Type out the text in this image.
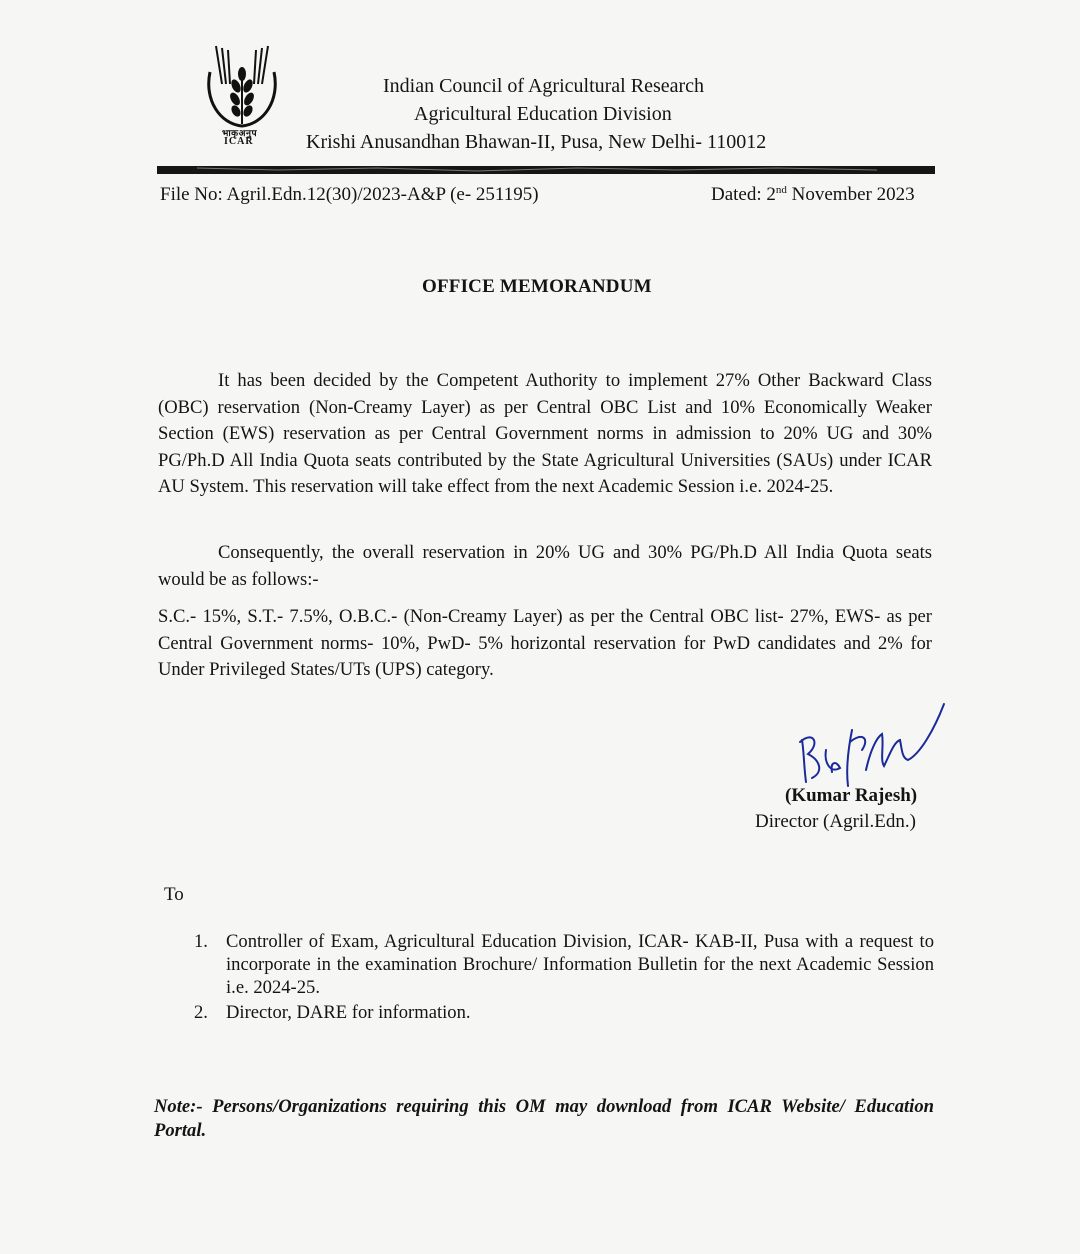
भाकृअनुप
ICAR
Indian Council of Agricultural Research
Agricultural Education Division
Krishi Anusandhan Bhawan-II, Pusa, New Delhi- 110012
File No: Agril.Edn.12(30)/2023-A&P (e- 251195)	Dated: 2nd November 2023
OFFICE MEMORANDUM

It has been decided by the Competent Authority to implement 27% Other Backward Class (OBC) reservation (Non-Creamy Layer) as per Central OBC List and 10% Economically Weaker Section (EWS) reservation as per Central Government norms in admission to 20% UG and 30% PG/Ph.D All India Quota seats contributed by the State Agricultural Universities (SAUs) under ICAR AU System. This reservation will take effect from the next Academic Session i.e. 2024-25.

Consequently, the overall reservation in 20% UG and 30% PG/Ph.D All India Quota seats would be as follows:-

S.C.- 15%, S.T.- 7.5%, O.B.C.- (Non-Creamy Layer) as per the Central OBC list- 27%, EWS- as per Central Government norms- 10%, PwD- 5% horizontal reservation for PwD candidates and 2% for Under Privileged States/UTs (UPS) category.

(Kumar Rajesh)
Director (Agril.Edn.)
To
1. Controller of Exam, Agricultural Education Division, ICAR- KAB-II, Pusa with a request to incorporate in the examination Brochure/ Information Bulletin for the next Academic Session i.e. 2024-25.
2. Director, DARE for information.

Note:- Persons/Organizations requiring this OM may download from ICAR Website/ Education Portal.
